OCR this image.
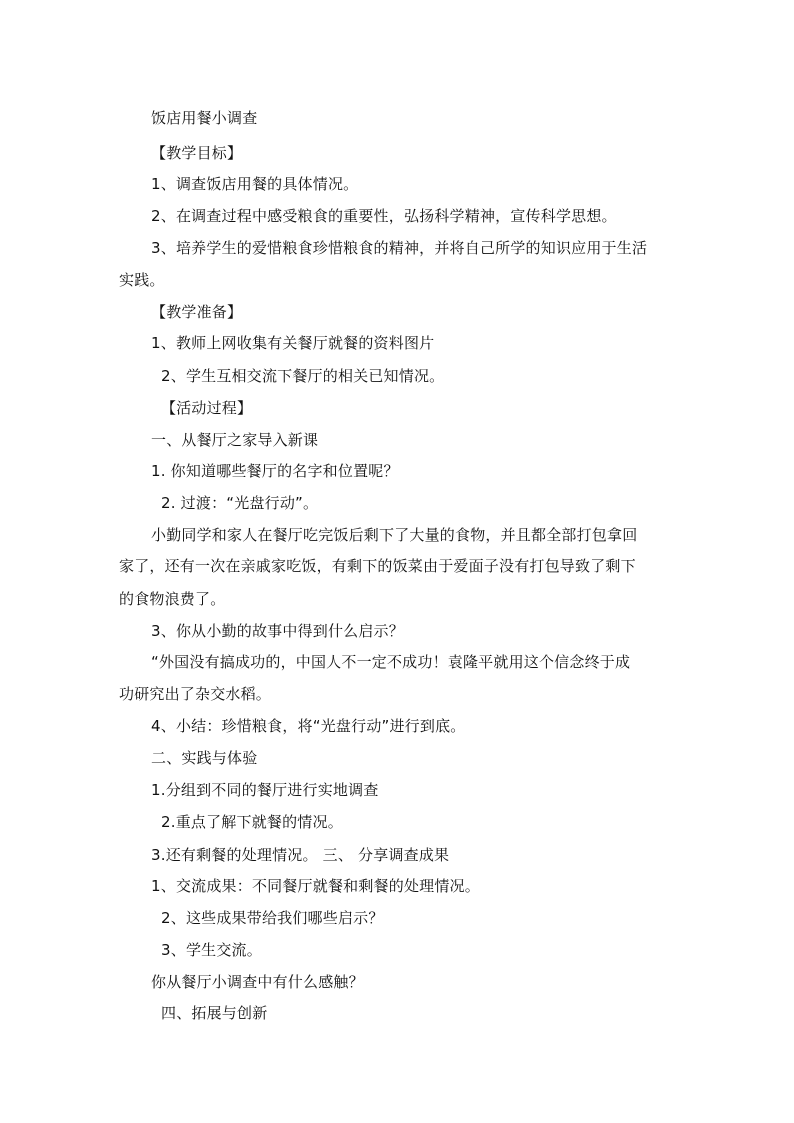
饭店用餐小调查
【教学目标】
1、调查饭店用餐的具体情况。
2、在调查过程中感受粮食的重要性，弘扬科学精神，宣传科学思想。
3、培养学生的爱惜粮食珍惜粮食的精神，并将自己所学的知识应用于生活
实践。
【教学准备】
1、教师上网收集有关餐厅就餐的资料图片
2、学生互相交流下餐厅的相关已知情况。
【活动过程】
一、从餐厅之家导入新课
1. 你知道哪些餐厅的名字和位置呢？
2. 过渡：“光盘行动”。
小勤同学和家人在餐厅吃完饭后剩下了大量的食物，并且都全部打包拿回
家了，还有一次在亲戚家吃饭，有剩下的饭菜由于爱面子没有打包导致了剩下
的食物浪费了。
3、你从小勤的故事中得到什么启示？
“外国没有搞成功的，中国人不一定不成功！袁隆平就用这个信念终于成
功研究出了杂交水稻。
4、小结：珍惜粮食，将“光盘行动”进行到底。
二、实践与体验
1.分组到不同的餐厅进行实地调查
2.重点了解下就餐的情况。
3.还有剩餐的处理情况。 三、 分享调查成果
1、交流成果：不同餐厅就餐和剩餐的处理情况。
2、这些成果带给我们哪些启示？
3、学生交流。
你从餐厅小调查中有什么感触？
四、拓展与创新
